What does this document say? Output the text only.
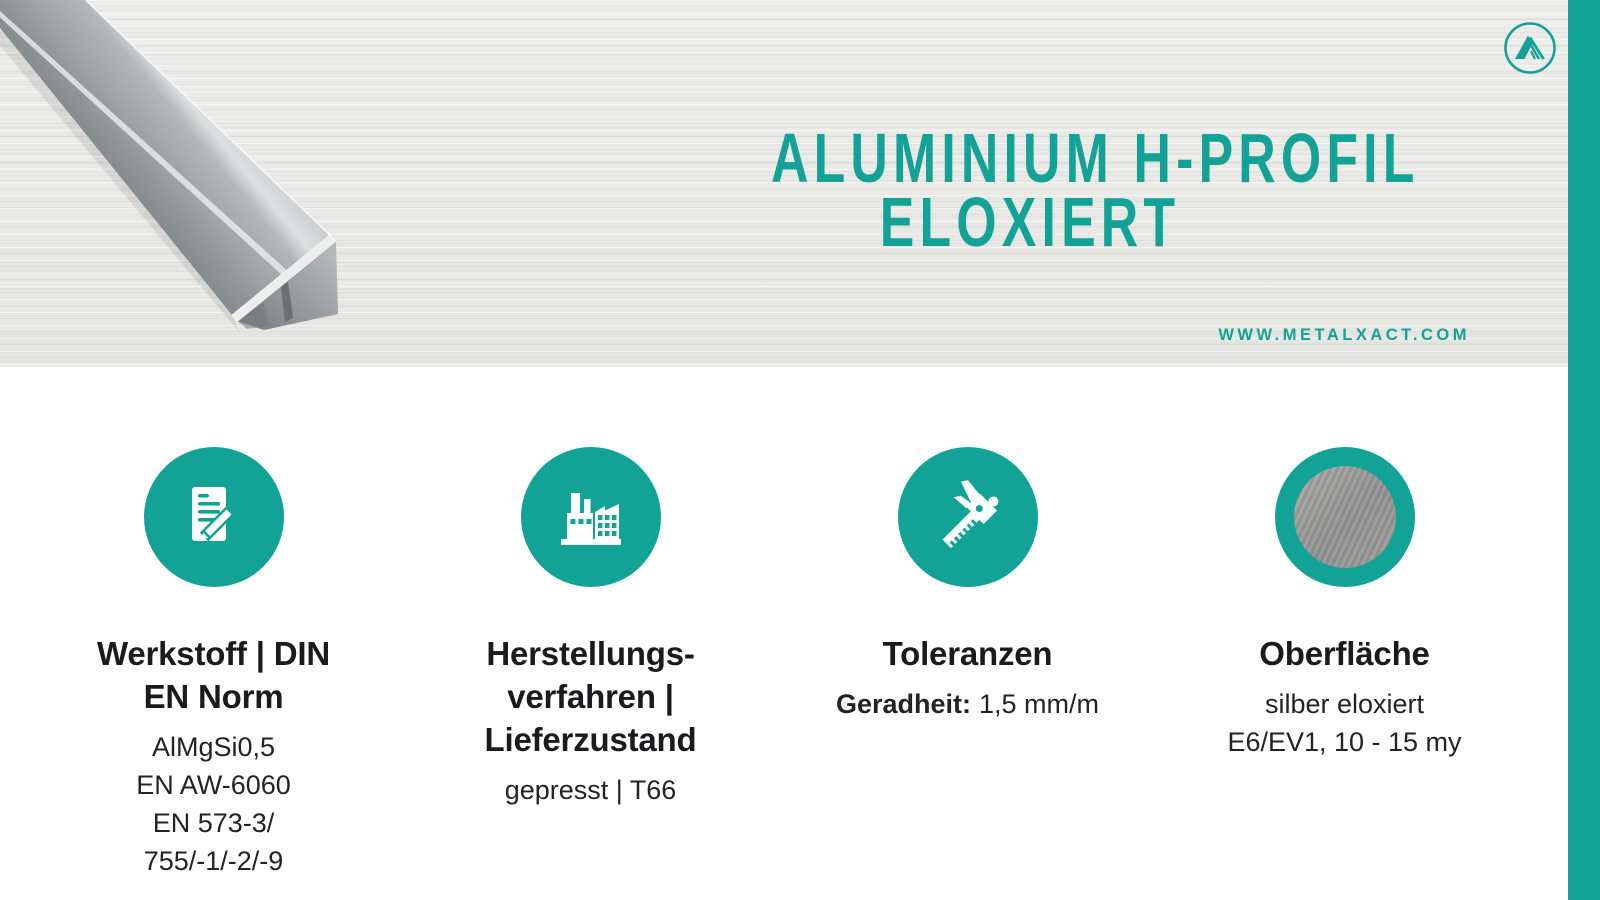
ALUMINIUM H-PROFIL
ELOXIERT
WWW.METALXACT.COM
Werkstoff | DIN
EN Norm
AlMgSi0,5
EN AW-6060
EN 573-3/
755/-1/-2/-9
Herstellungs-
verfahren |
Lieferzustand
gepresst | T66
Toleranzen
Geradheit: 1,5 mm/m
Oberfläche
silber eloxiert
E6/EV1, 10 - 15 my
